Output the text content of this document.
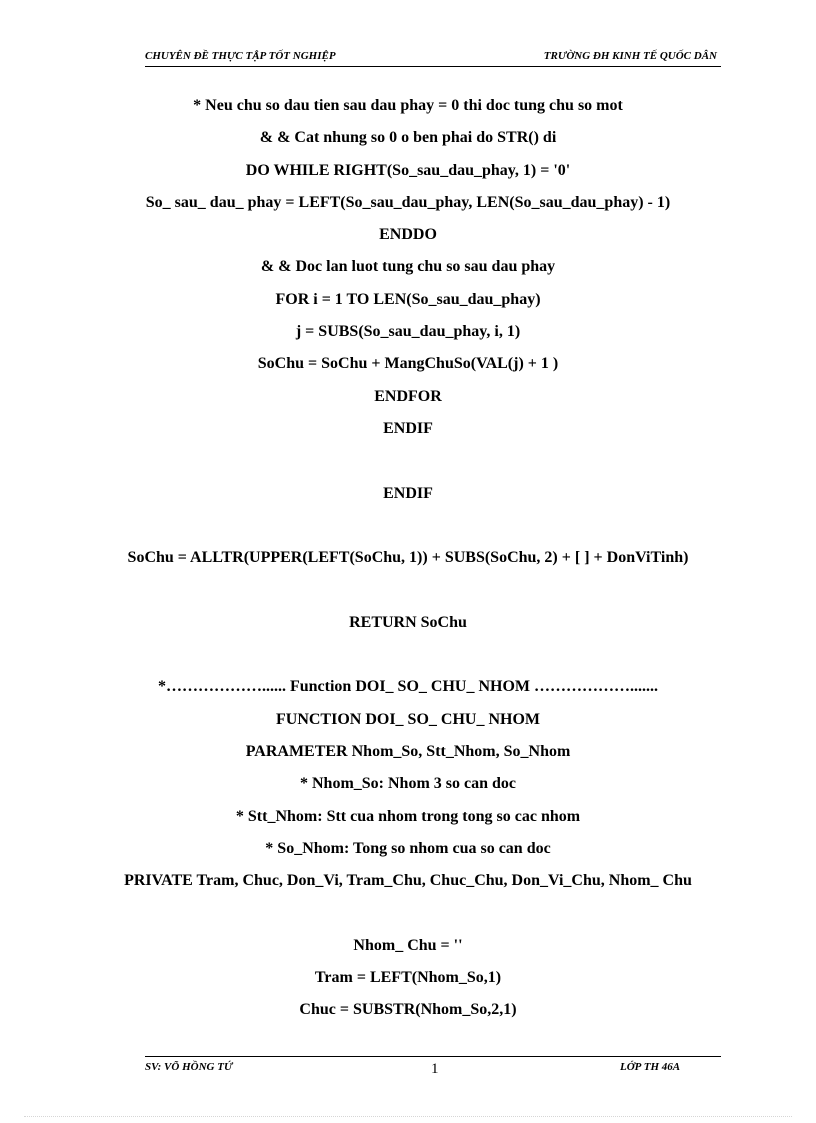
CHUYÊN ĐỀ THỰC TẬP TỐT NGHIỆP	TRƯỜNG ĐH KINH TẾ QUỐC DÂN
* Neu chu so dau tien sau dau phay = 0 thi doc tung chu so mot
& & Cat nhung so 0 o ben phai do STR() di
DO WHILE RIGHT(So_sau_dau_phay, 1) = '0'
So_ sau_ dau_ phay = LEFT(So_sau_dau_phay, LEN(So_sau_dau_phay) - 1)
ENDDO
& & Doc lan luot tung chu so sau dau phay
FOR i = 1 TO LEN(So_sau_dau_phay)
j = SUBS(So_sau_dau_phay, i, 1)
SoChu = SoChu + MangChuSo(VAL(j) + 1 )
ENDFOR
ENDIF
ENDIF
SoChu = ALLTR(UPPER(LEFT(SoChu, 1)) + SUBS(SoChu, 2) + [ ] + DonViTinh)
RETURN SoChu
*………………...... Function DOI_ SO_ CHU_ NHOM ……………….......
FUNCTION DOI_ SO_ CHU_ NHOM
PARAMETER Nhom_So, Stt_Nhom, So_Nhom
* Nhom_So: Nhom 3 so can doc
* Stt_Nhom: Stt cua nhom trong tong so cac nhom
* So_Nhom: Tong so nhom cua so can doc
PRIVATE Tram, Chuc, Don_Vi, Tram_Chu, Chuc_Chu, Don_Vi_Chu, Nhom_ Chu
Nhom_ Chu = ''
Tram = LEFT(Nhom_So,1)
Chuc = SUBSTR(Nhom_So,2,1)
SV: VÕ HỒNG TỨ	1	LỚP TH 46A
